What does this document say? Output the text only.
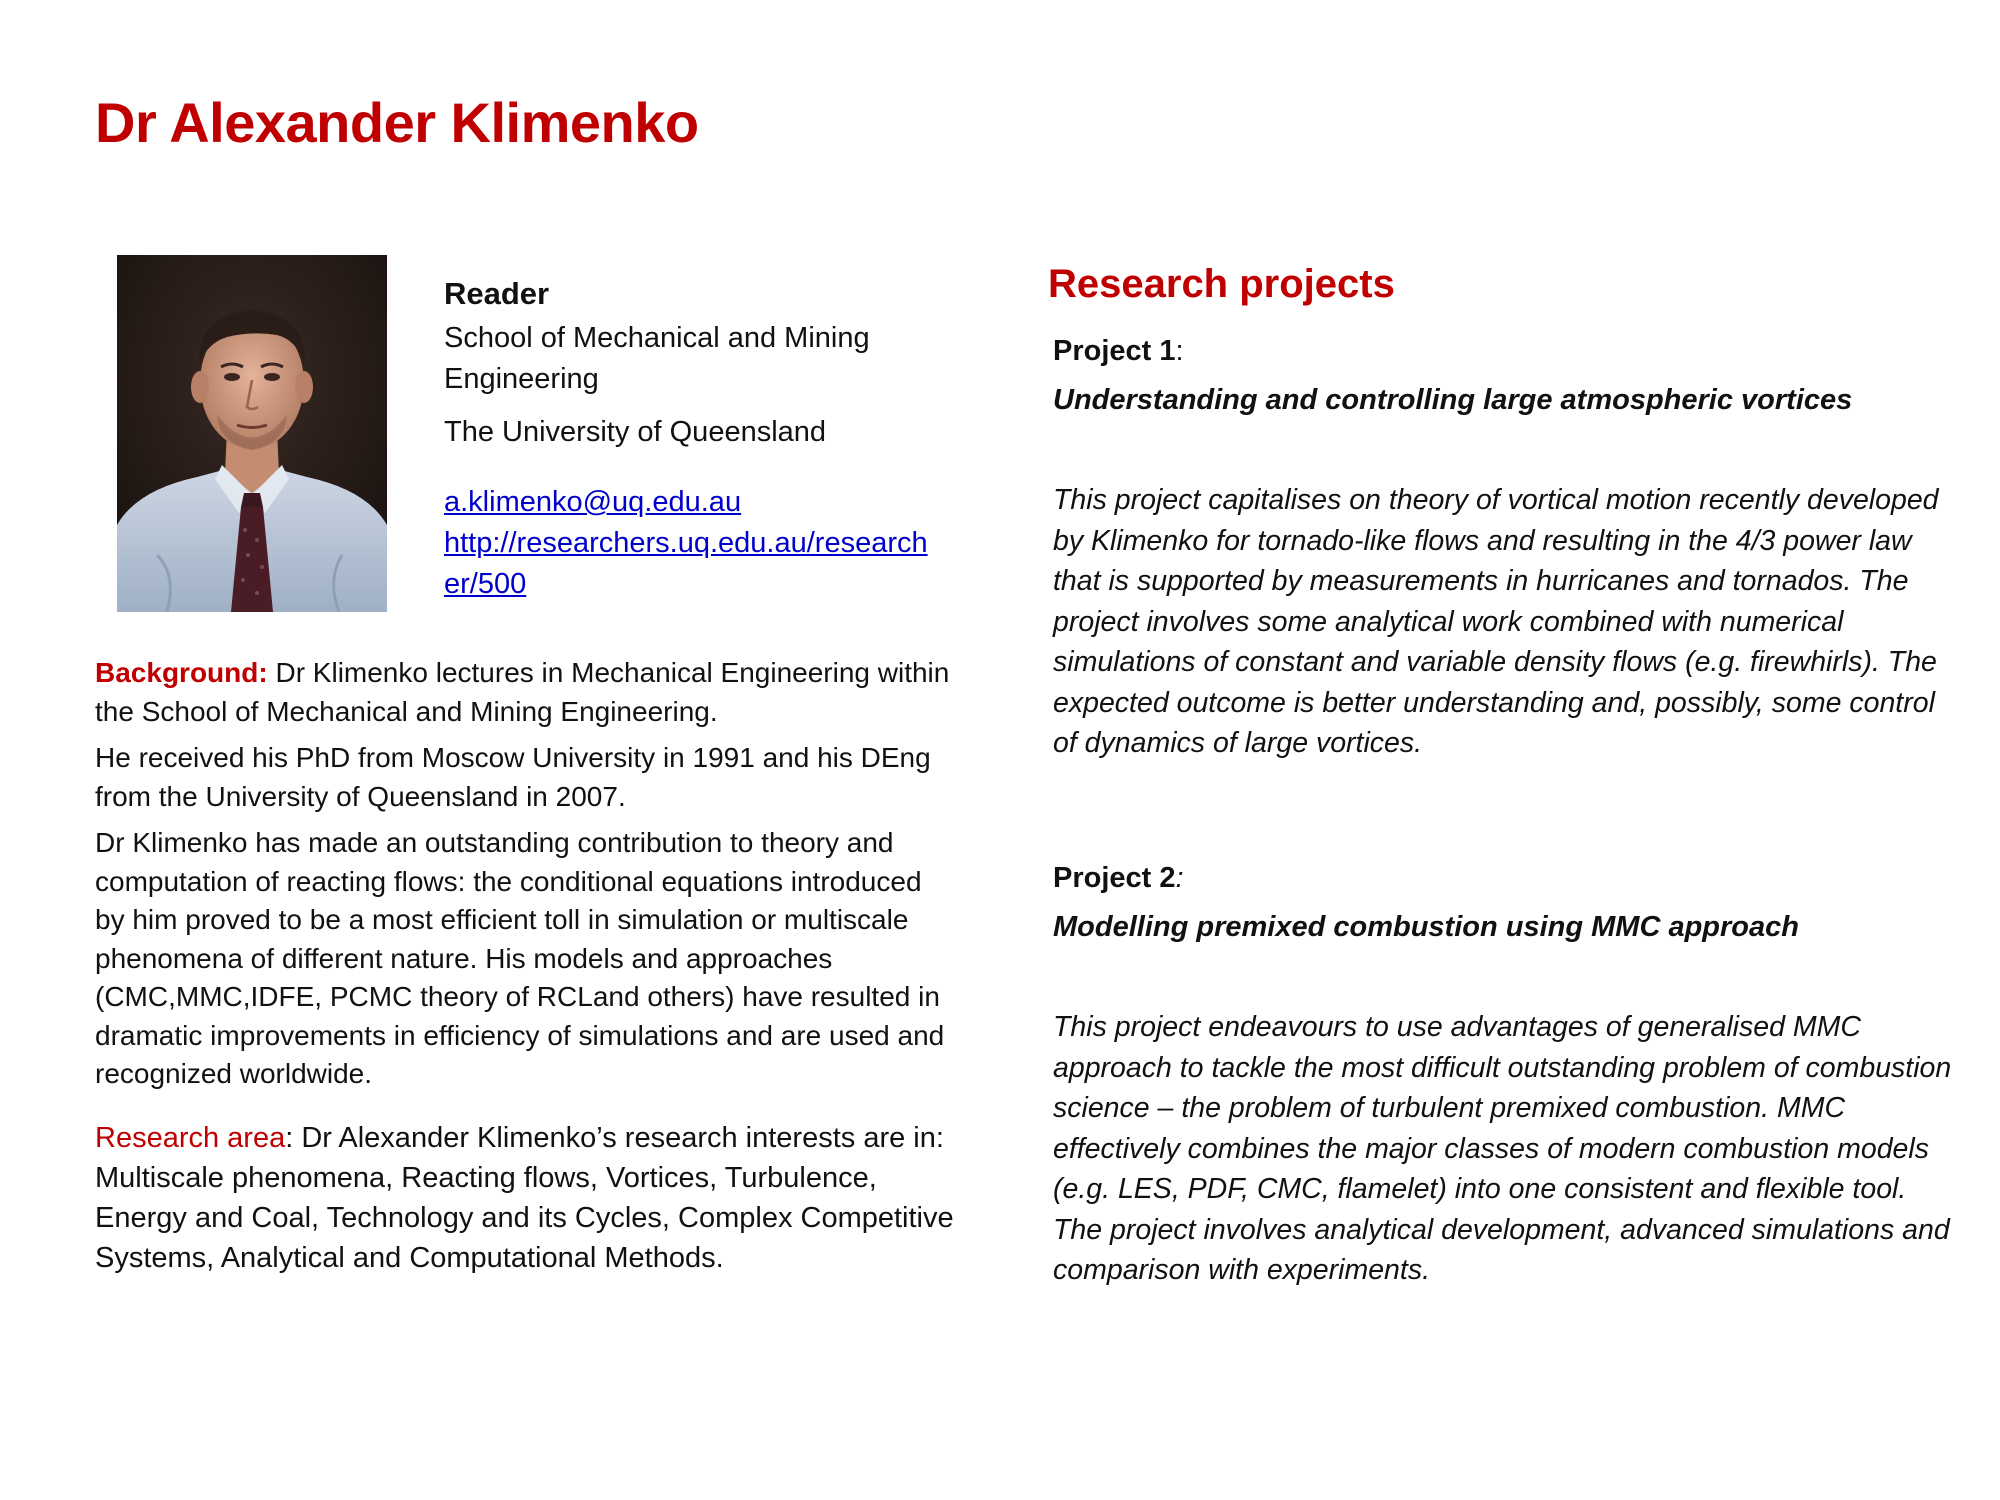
Dr Alexander Klimenko
Reader
School of Mechanical and Mining Engineering
The University of Queensland
a.klimenko@uq.edu.au
http://researchers.uq.edu.au/researcher/500

Background: Dr Klimenko lectures in Mechanical Engineering within the School of Mechanical and Mining Engineering.

He received his PhD from Moscow University in 1991 and his DEng from the University of Queensland in 2007.

Dr Klimenko has made an outstanding contribution to theory and computation of reacting flows: the conditional equations introduced by him proved to be a most efficient toll in simulation or multiscale phenomena of different nature. His models and approaches (CMC,MMC,IDFE, PCMC theory of RCLand others) have resulted in dramatic improvements in efficiency of simulations and are used and recognized worldwide.

Research area: Dr Alexander Klimenko’s research interests are in: Multiscale phenomena, Reacting flows, Vortices, Turbulence, Energy and Coal, Technology and its Cycles, Complex Competitive Systems, Analytical and Computational Methods.

Research projects
Project 1:
Understanding and controlling large atmospheric vortices
This project capitalises on theory of vortical motion recently developed by Klimenko for tornado-like flows and resulting in the 4/3 power law that is supported by measurements in hurricanes and tornados. The project involves some analytical work combined with numerical simulations of constant and variable density flows (e.g. firewhirls). The expected outcome is better understanding and, possibly, some control of dynamics of large vortices.
Project 2:
Modelling premixed combustion using MMC approach
This project endeavours to use advantages of generalised MMC approach to tackle the most difficult outstanding problem of combustion science – the problem of turbulent premixed combustion. MMC effectively combines the major classes of modern combustion models (e.g. LES, PDF, CMC, flamelet) into one consistent and flexible tool. The project involves analytical development, advanced simulations and comparison with experiments.
